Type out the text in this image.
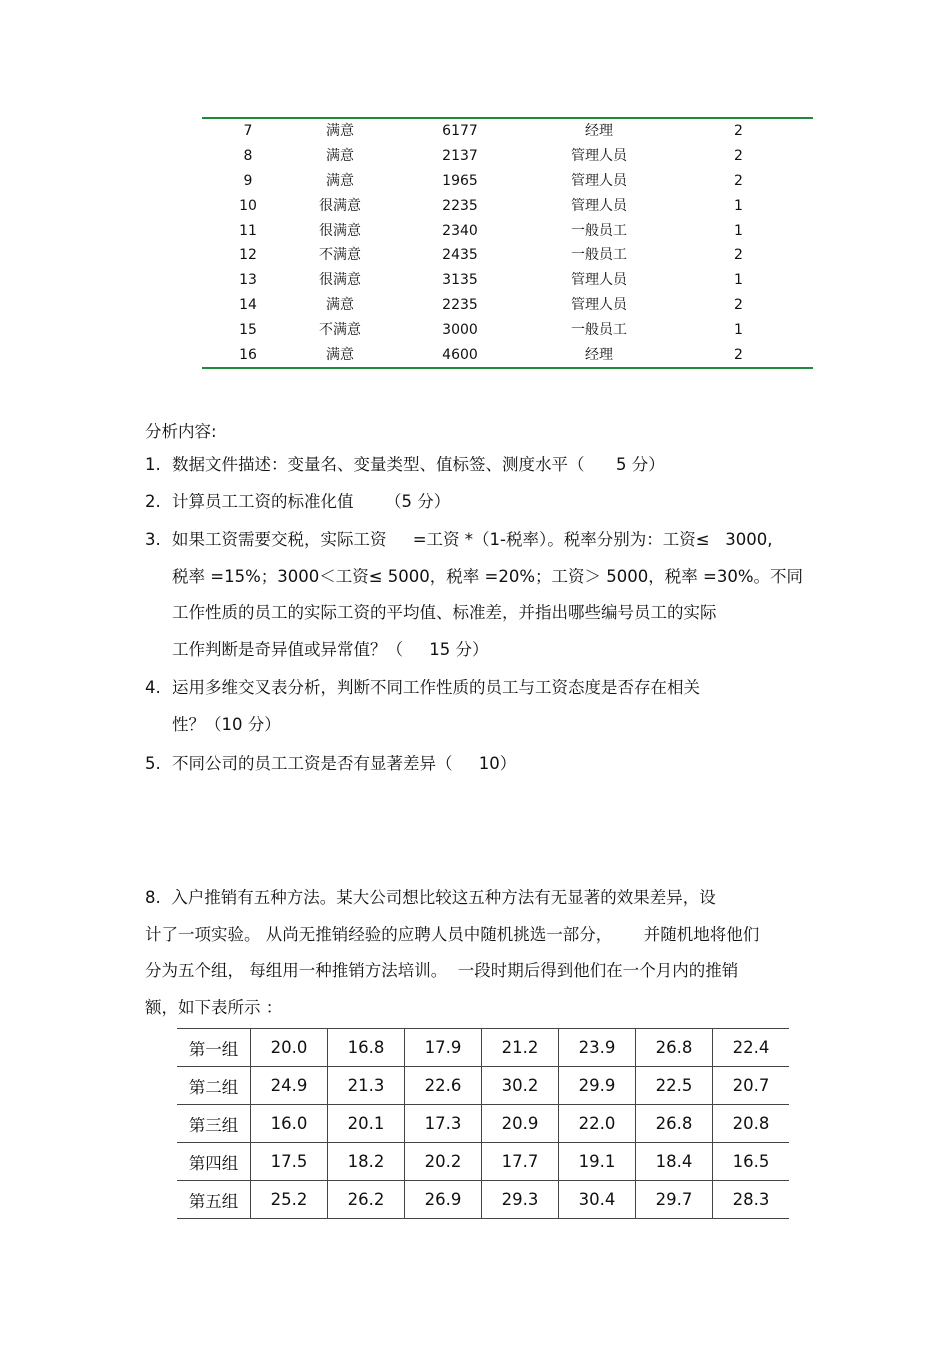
7	满意	6177	经理	2
8	满意	2137	管理人员	2
9	满意	1965	管理人员	2
10	很满意	2235	管理人员	1
11	很满意	2340	一般员工	1
12	不满意	2435	一般员工	2
13	很满意	3135	管理人员	1
14	满意	2235	管理人员	2
15	不满意	3000	一般员工	1
16	满意	4600	经理	2
分析内容:
1. 数据文件描述：变量名、变量类型、值标签、测度水平（      5 分）
2. 计算员工工资的标准化值      （5 分）
3. 如果工资需要交税，实际工资     =工资 *（1-税率）。税率分别为：工资≤   3000,
税率 =15%；3000＜工资≤ 5000，税率 =20%；工资＞ 5000，税率 =30%。不同
工作性质的员工的实际工资的平均值、标准差，并指出哪些编号员工的实际
工作判断是奇异值或异常值？（     15 分）
4. 运用多维交叉表分析，判断不同工作性质的员工与工资态度是否存在相关
性？（10 分）
5. 不同公司的员工工资是否有显著差异（     10）
8.  入户推销有五种方法。某大公司想比较这五种方法有无显著的效果差异，设
计了一项实验。 从尚无推销经验的应聘人员中随机挑选一部分，      并随机地将他们
分为五个组， 每组用一种推销方法培训。  一段时期后得到他们在一个月内的推销
额，如下表所示 ：
第一组	20.0	16.8	17.9	21.2	23.9	26.8	22.4
第二组	24.9	21.3	22.6	30.2	29.9	22.5	20.7
第三组	16.0	20.1	17.3	20.9	22.0	26.8	20.8
第四组	17.5	18.2	20.2	17.7	19.1	18.4	16.5
第五组	25.2	26.2	26.9	29.3	30.4	29.7	28.3
